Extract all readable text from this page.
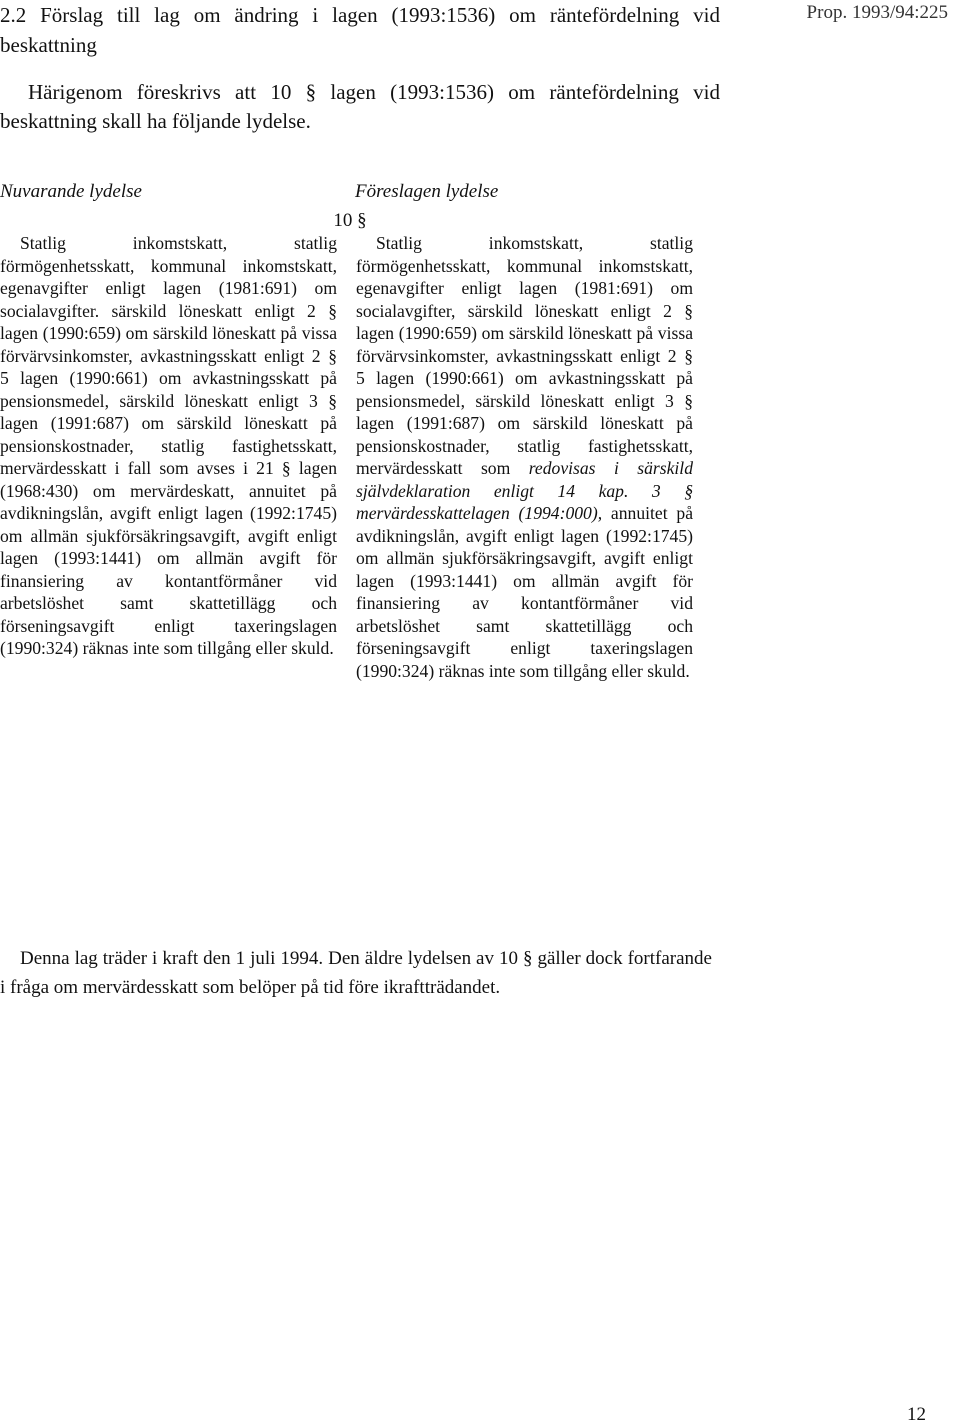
2.2 Förslag till lag om ändring i lagen (1993:1536) om räntefördelning vid beskattning
Prop. 1993/94:225
Härigenom föreskrivs att 10 § lagen (1993:1536) om räntefördelning vid beskattning skall ha följande lydelse.
Nuvarande lydelse	Föreslagen lydelse
10 §

Statlig inkomstskatt, statlig förmögenhetsskatt, kommunal inkomstskatt, egenavgifter enligt lagen (1981:691) om socialavgifter. särskild löneskatt enligt 2 § lagen (1990:659) om särskild löneskatt på vissa förvärvsinkomster, avkastningsskatt enligt 2 § 5 lagen (1990:661) om avkastningsskatt på pensionsmedel, särskild löneskatt enligt 3 § lagen (1991:687) om särskild löneskatt på pensionskostnader, statlig fastighetsskatt, mervärdesskatt i fall som avses i 21 § lagen (1968:430) om mervärdeskatt, annuitet på avdikningslån, avgift enligt lagen (1992:1745) om allmän sjukförsäkringsavgift, avgift enligt lagen (1993:1441) om allmän avgift för finansiering av kontantförmåner vid arbetslöshet samt skattetillägg och förseningsavgift enligt taxeringslagen (1990:324) räknas inte som tillgång eller skuld.

Statlig inkomstskatt, statlig förmögenhetsskatt, kommunal inkomstskatt, egenavgifter enligt lagen (1981:691) om socialavgifter, särskild löneskatt enligt 2 § lagen (1990:659) om särskild löneskatt på vissa förvärvsinkomster, avkastningsskatt enligt 2 § 5 lagen (1990:661) om avkastningsskatt på pensionsmedel, särskild löneskatt enligt 3 § lagen (1991:687) om särskild löneskatt på pensionskostnader, statlig fastighetsskatt, mervärdesskatt som redovisas i särskild självdeklaration enligt 14 kap. 3 § mervärdesskattelagen (1994:000), annuitet på avdikningslån, avgift enligt lagen (1992:1745) om allmän sjukförsäkringsavgift, avgift enligt lagen (1993:1441) om allmän avgift för finansiering av kontantförmåner vid arbetslöshet samt skattetillägg och förseningsavgift enligt taxeringslagen (1990:324) räknas inte som tillgång eller skuld.

Denna lag träder i kraft den 1 juli 1994. Den äldre lydelsen av 10 § gäller dock fortfarande i fråga om mervärdesskatt som belöper på tid före ikraftträdandet.

12
